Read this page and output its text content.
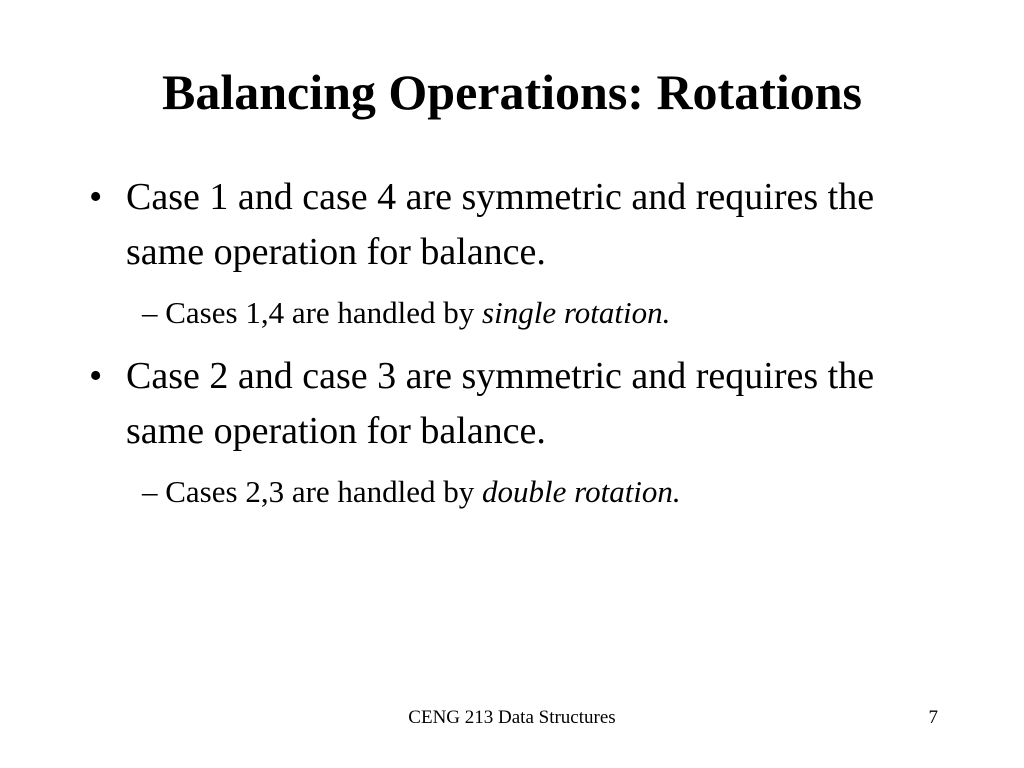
Balancing Operations: Rotations
• Case 1 and case 4 are symmetric and requires the same operation for balance.
– Cases 1,4 are handled by single rotation.
• Case 2 and case 3 are symmetric and requires the same operation for balance.
– Cases 2,3 are handled by double rotation.
CENG 213 Data Structures	7
